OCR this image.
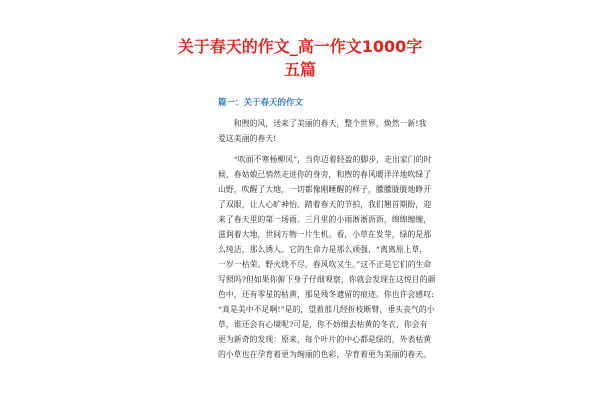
关于春天的作文_高一作文1000字
五篇
篇一：关于春天的作文

　　和煦的风，送来了美丽的春天，整个世界，焕然一新!我

爱这美丽的春天!

　　“吹面不寒杨柳风”，当你迈着轻盈的脚步，走出家门的时

候，春姑娘已悄然走进你的身旁，和煦的春风暖洋洋地吹绿了

山野，吹醒了大地，一切都像刚睡醒的样子，朦朦胧胧地睁开

了双眼，让人心旷神怡。踏着春天的节拍，我们翘首期盼，迎

来了春天里的第一场雨。三月里的小雨淅淅沥沥，绵绵缠缠，

滋润着大地，世间万物一片生机。看，小草在发芽，绿的是那

么纯洁，那么诱人。它的生命力是那么顽强，“离离原上草，

一岁一枯荣。野火烧不尽，春风吹又生。”这不正是它们的生命

写照吗?但如果你俯下身子仔细观察，你就会发现在这悦目的颜

色中，还有零星的枯黄，那是残冬遗留的痕迹。你也许会感叹:

“真是美中不足啊!”是的，望着那几经折枝断臂，垂头丧气的小

草，谁还会有心境呢?可是，你不妨细去枯黄的冬衣，你会有

更为新奇的发现：原来，每个叶片的中心都是绿的，外表枯黄

的小草也在孕育着更为绚丽的色彩，孕育着更为美丽的春天。
